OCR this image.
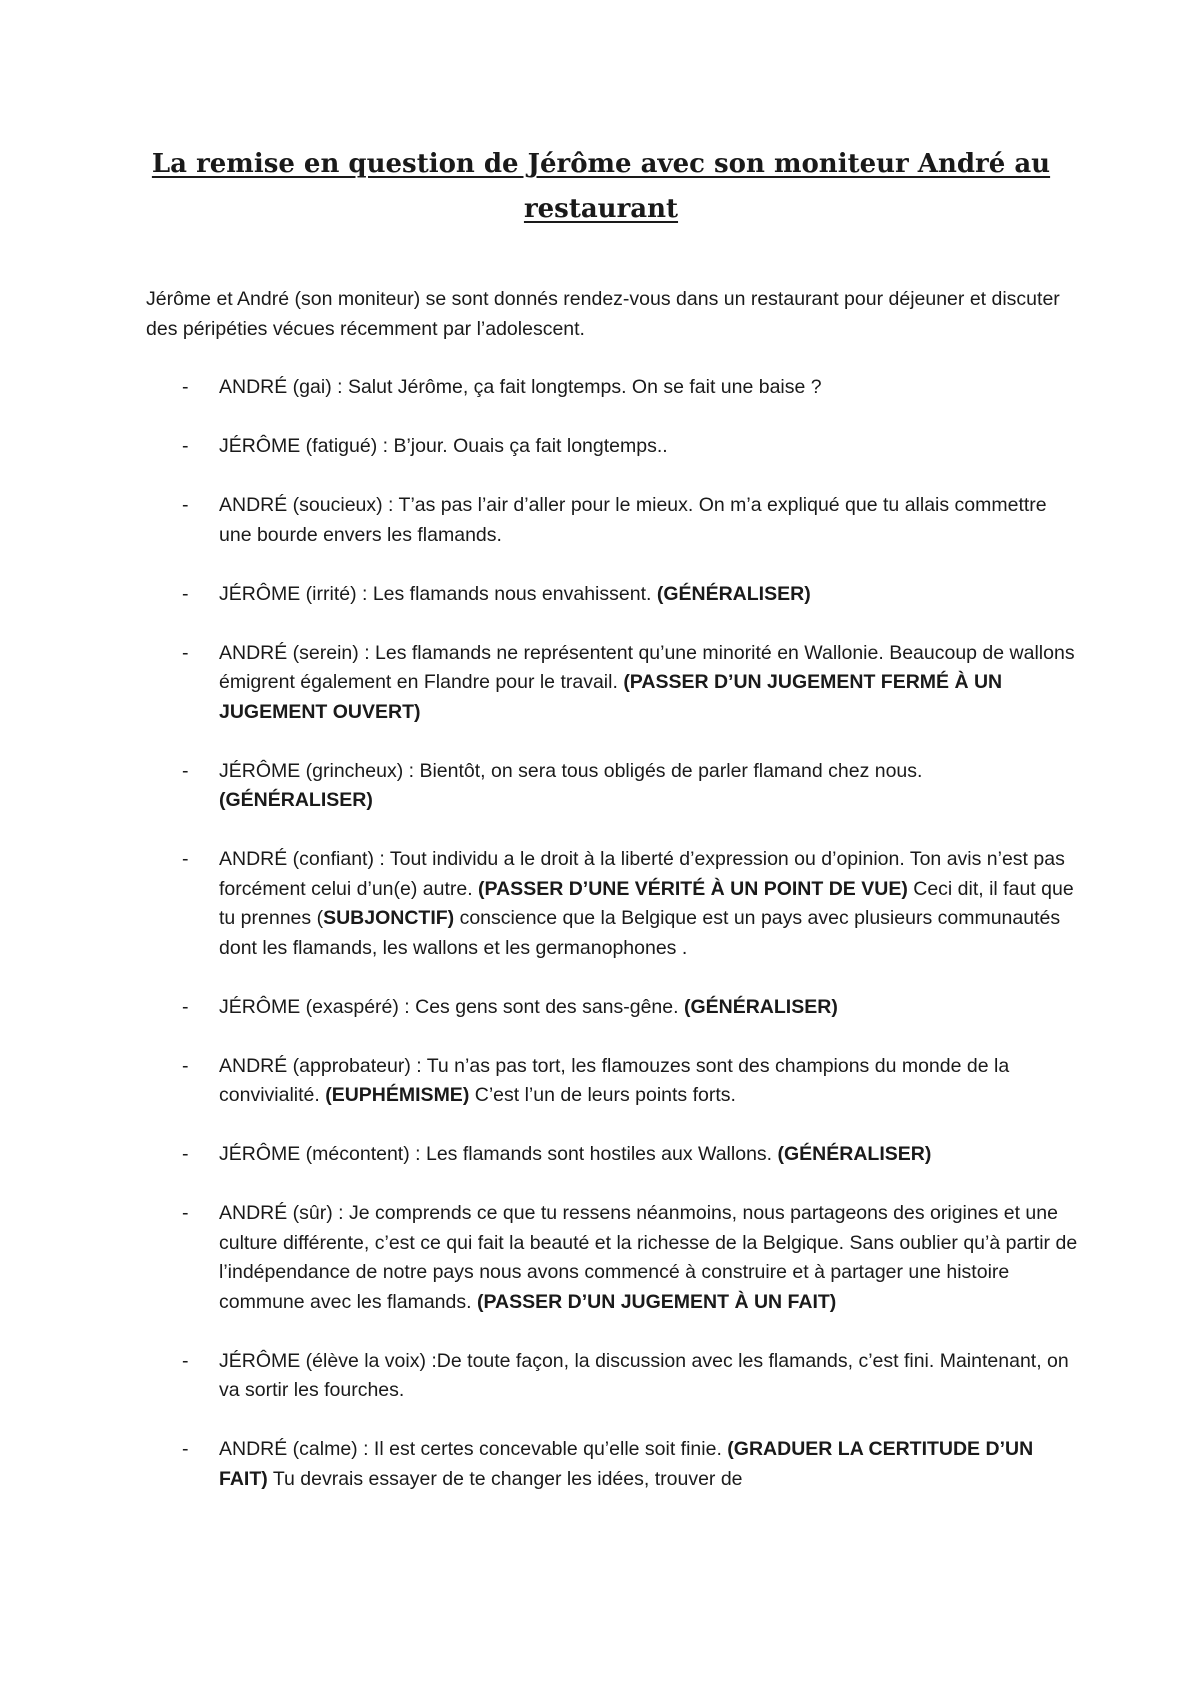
La remise en question de Jérôme avec son moniteur André au restaurant

Jérôme et André (son moniteur) se sont donnés rendez-vous dans un restaurant pour déjeuner et discuter des péripéties vécues récemment par l’adolescent.

- ANDRÉ (gai) : Salut Jérôme, ça fait longtemps. On se fait une baise ?
- JÉRÔME (fatigué) : B’jour. Ouais ça fait longtemps..
- ANDRÉ (soucieux) : T’as pas l’air d’aller pour le mieux. On m’a expliqué que tu allais commettre une bourde envers les flamands.
- JÉRÔME (irrité) : Les flamands nous envahissent. (GÉNÉRALISER)
- ANDRÉ (serein) : Les flamands ne représentent qu’une minorité en Wallonie. Beaucoup de wallons émigrent également en Flandre pour le travail. (PASSER D’UN JUGEMENT FERMÉ À UN JUGEMENT OUVERT)
- JÉRÔME (grincheux) : Bientôt, on sera tous obligés de parler flamand chez nous. (GÉNÉRALISER)
- ANDRÉ (confiant) : Tout individu a le droit à la liberté d’expression ou d’opinion. Ton avis n’est pas forcément celui d’un(e) autre. (PASSER D’UNE VÉRITÉ À UN POINT DE VUE) Ceci dit, il faut que tu prennes (SUBJONCTIF) conscience que la Belgique est un pays avec plusieurs communautés dont les flamands, les wallons et les germanophones .
- JÉRÔME (exaspéré) : Ces gens sont des sans-gêne. (GÉNÉRALISER)
- ANDRÉ (approbateur) : Tu n’as pas tort, les flamouzes sont des champions du monde de la convivialité. (EUPHÉMISME) C’est l’un de leurs points forts.
- JÉRÔME (mécontent) : Les flamands sont hostiles aux Wallons. (GÉNÉRALISER)
- ANDRÉ (sûr) : Je comprends ce que tu ressens néanmoins, nous partageons des origines et une culture différente, c’est ce qui fait la beauté et la richesse de la Belgique. Sans oublier qu’à partir de l’indépendance de notre pays nous avons commencé à construire et à partager une histoire commune avec les flamands. (PASSER D’UN JUGEMENT À UN FAIT)
- JÉRÔME (élève la voix) :De toute façon, la discussion avec les flamands, c’est fini. Maintenant, on va sortir les fourches.
- ANDRÉ (calme) : Il est certes concevable qu’elle soit finie. (GRADUER LA CERTITUDE D’UN FAIT) Tu devrais essayer de te changer les idées, trouver de
